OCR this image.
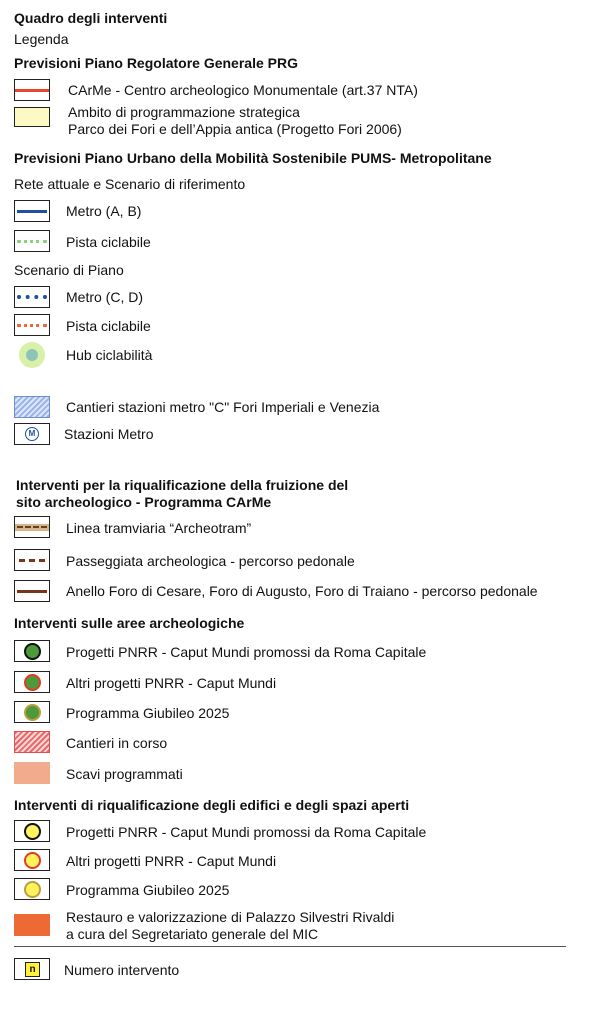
Quadro degli interventi
Legenda
Previsioni Piano Regolatore Generale PRG
CArMe - Centro archeologico Monumentale (art.37 NTA)
Ambito di programmazione strategica
Parco dei Fori e dell’Appia antica (Progetto Fori 2006)
Previsioni Piano Urbano della Mobilità Sostenibile PUMS- Metropolitane
Rete attuale e Scenario di riferimento
Metro (A, B)
Pista ciclabile
Scenario di Piano
Metro (C, D)
Pista ciclabile
Hub ciclabilità
Cantieri stazioni metro "C" Fori Imperiali e Venezia
M Stazioni Metro
Interventi per la riqualificazione della fruizione del
sito archeologico - Programma CArMe
Linea tramviaria “Archeotram”
Passeggiata archeologica - percorso pedonale
Anello Foro di Cesare, Foro di Augusto, Foro di Traiano - percorso pedonale
Interventi sulle aree archeologiche
Progetti PNRR - Caput Mundi promossi da Roma Capitale
Altri progetti PNRR - Caput Mundi
Programma Giubileo 2025
Cantieri in corso
Scavi programmati
Interventi di riqualificazione degli edifici e degli spazi aperti
Progetti PNRR - Caput Mundi promossi da Roma Capitale
Altri progetti PNRR - Caput Mundi
Programma Giubileo 2025
Restauro e valorizzazione di Palazzo Silvestri Rivaldi
a cura del Segretariato generale del MIC
n	Numero intervento
